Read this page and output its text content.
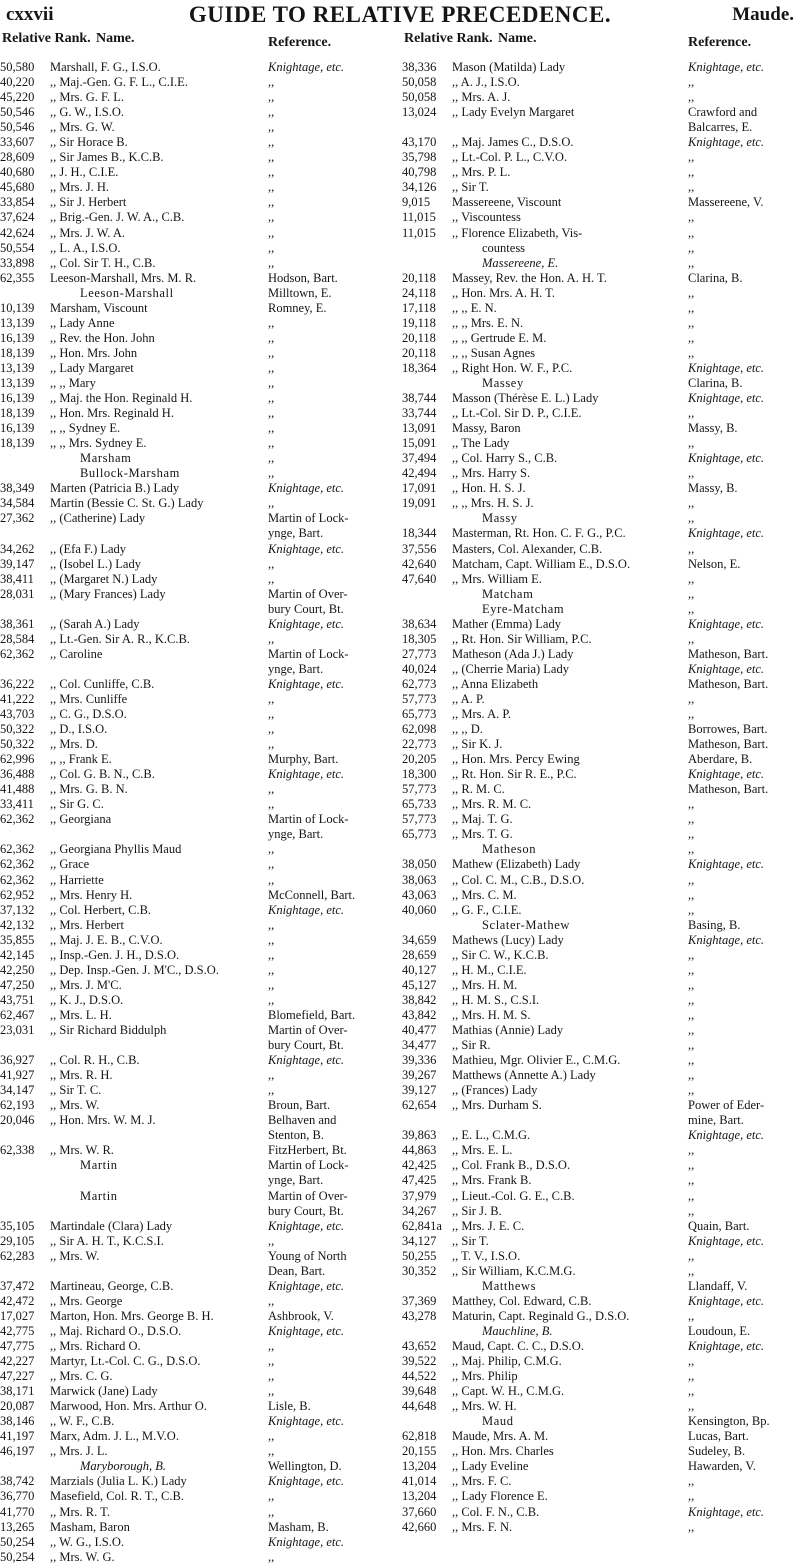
cxxvii	GUIDE TO RELATIVE PRECEDENCE.	Maude.
Relative Rank. Name.	Reference.
50,580	Marshall, F. G., I.S.O.	Knightage, etc.
40,220	,, Maj.-Gen. G. F. L., C.I.E.	,,
45,220	,, Mrs. G. F. L.	,,
50,546	,, G. W., I.S.O.	,,
50,546	,, Mrs. G. W.	,,
33,607	,, Sir Horace B.	,,
28,609	,, Sir James B., K.C.B.	,,
40,680	,, J. H., C.I.E.	,,
45,680	,, Mrs. J. H.	,,
33,854	,, Sir J. Herbert	,,
37,624	,, Brig.-Gen. J. W. A., C.B.	,,
42,624	,, Mrs. J. W. A.	,,
50,554	,, L. A., I.S.O.	,,
33,898	,, Col. Sir T. H., C.B.	,,
62,355	Leeson-Marshall, Mrs. M. R.	Hodson, Bart.
Leeson-Marshall	Milltown, E.
10,139	Marsham, Viscount	Romney, E.
13,139	,, Lady Anne	,,
16,139	,, Rev. the Hon. John	,,
18,139	,, Hon. Mrs. John	,,
13,139	,, Lady Margaret	,,
13,139	,, ,, Mary	,,
16,139	,, Maj. the Hon. Reginald H.	,,
18,139	,, Hon. Mrs. Reginald H.	,,
16,139	,, ,, Sydney E.	,,
18,139	,, ,, Mrs. Sydney E.	,,
Marsham	,,
Bullock-Marsham	,,
38,349	Marten (Patricia B.) Lady	Knightage, etc.
34,584	Martin (Bessie C. St. G.) Lady	,,
27,362	,, (Catherine) Lady	Martin of Lock-
ynge, Bart.
34,262	,, (Efa F.) Lady	Knightage, etc.
39,147	,, (Isobel L.) Lady	,,
38,411	,, (Margaret N.) Lady	,,
28,031	,, (Mary Frances) Lady	Martin of Over-
bury Court, Bt.
38,361	,, (Sarah A.) Lady	Knightage, etc.
28,584	,, Lt.-Gen. Sir A. R., K.C.B.	,,
62,362	,, Caroline	Martin of Lock-
ynge, Bart.
36,222	,, Col. Cunliffe, C.B.	Knightage, etc.
41,222	,, Mrs. Cunliffe	,,
43,703	,, C. G., D.S.O.	,,
50,322	,, D., I.S.O.	,,
50,322	,, Mrs. D.	,,
62,996	,, ,, Frank E.	Murphy, Bart.
36,488	,, Col. G. B. N., C.B.	Knightage, etc.
41,488	,, Mrs. G. B. N.	,,
33,411	,, Sir G. C.	,,
62,362	,, Georgiana	Martin of Lock-
ynge, Bart.
62,362	,, Georgiana Phyllis Maud	,,
62,362	,, Grace	,,
62,362	,, Harriette	,,
62,952	,, Mrs. Henry H.	McConnell, Bart.
37,132	,, Col. Herbert, C.B.	Knightage, etc.
42,132	,, Mrs. Herbert	,,
35,855	,, Maj. J. E. B., C.V.O.	,,
42,145	,, Insp.-Gen. J. H., D.S.O.	,,
42,250	,, Dep. Insp.-Gen. J. M'C., D.S.O.	,,
47,250	,, Mrs. J. M'C.	,,
43,751	,, K. J., D.S.O.	,,
62,467	,, Mrs. L. H.	Blomefield, Bart.
23,031	,, Sir Richard Biddulph	Martin of Over-
bury Court, Bt.
36,927	,, Col. R. H., C.B.	Knightage, etc.
41,927	,, Mrs. R. H.	,,
34,147	,, Sir T. C.	,,
62,193	,, Mrs. W.	Broun, Bart.
20,046	,, Hon. Mrs. W. M. J.	Belhaven and
Stenton, B.
62,338	,, Mrs. W. R.	FitzHerbert, Bt.
Martin	Martin of Lock-
ynge, Bart.
Martin	Martin of Over-
bury Court, Bt.
35,105	Martindale (Clara) Lady	Knightage, etc.
29,105	,, Sir A. H. T., K.C.S.I.	,,
62,283	,, Mrs. W.	Young of North
Dean, Bart.
37,472	Martineau, George, C.B.	Knightage, etc.
42,472	,, Mrs. George	,,
17,027	Marton, Hon. Mrs. George B. H.	Ashbrook, V.
42,775	,, Maj. Richard O., D.S.O.	Knightage, etc.
47,775	,, Mrs. Richard O.	,,
42,227	Martyr, Lt.-Col. C. G., D.S.O.	,,
47,227	,, Mrs. C. G.	,,
38,171	Marwick (Jane) Lady	,,
20,087	Marwood, Hon. Mrs. Arthur O.	Lisle, B.
38,146	,, W. F., C.B.	Knightage, etc.
41,197	Marx, Adm. J. L., M.V.O.	,,
46,197	,, Mrs. J. L.	,,
Maryborough, B.	Wellington, D.
38,742	Marzials (Julia L. K.) Lady	Knightage, etc.
36,770	Masefield, Col. R. T., C.B.	,,
41,770	,, Mrs. R. T.	,,
13,265	Masham, Baron	Masham, B.
50,254	,, W. G., I.S.O.	Knightage, etc.
50,254	,, Mrs. W. G.	,,
Relative Rank. Name.	Reference.
38,336	Mason (Matilda) Lady	Knightage, etc.
50,058	,, A. J., I.S.O.	,,
50,058	,, Mrs. A. J.	,,
13,024	,, Lady Evelyn Margaret	Crawford and
Balcarres, E.
43,170	,, Maj. James C., D.S.O.	Knightage, etc.
35,798	,, Lt.-Col. P. L., C.V.O.	,,
40,798	,, Mrs. P. L.	,,
34,126	,, Sir T.	,,
9,015	Massereene, Viscount	Massereene, V.
11,015	,, Viscountess	,,
11,015	,, Florence Elizabeth, Vis-	,,
countess	,,
Massereene, E.	,,
20,118	Massey, Rev. the Hon. A. H. T.	Clarina, B.
24,118	,, Hon. Mrs. A. H. T.	,,
17,118	,, ,, E. N.	,,
19,118	,, ,, Mrs. E. N.	,,
20,118	,, ,, Gertrude E. M.	,,
20,118	,, ,, Susan Agnes	,,
18,364	,, Right Hon. W. F., P.C.	Knightage, etc.
Massey	Clarina, B.
38,744	Masson (Thérèse E. L.) Lady	Knightage, etc.
33,744	,, Lt.-Col. Sir D. P., C.I.E.	,,
13,091	Massy, Baron	Massy, B.
15,091	,, The Lady	,,
37,494	,, Col. Harry S., C.B.	Knightage, etc.
42,494	,, Mrs. Harry S.	,,
17,091	,, Hon. H. S. J.	Massy, B.
19,091	,, ,, Mrs. H. S. J.	,,
Massy	,,
18,344	Masterman, Rt. Hon. C. F. G., P.C.	Knightage, etc.
37,556	Masters, Col. Alexander, C.B.	,,
42,640	Matcham, Capt. William E., D.S.O.	Nelson, E.
47,640	,, Mrs. William E.	,,
Matcham	,,
Eyre-Matcham	,,
38,634	Mather (Emma) Lady	Knightage, etc.
18,305	,, Rt. Hon. Sir William, P.C.	,,
27,773	Matheson (Ada J.) Lady	Matheson, Bart.
40,024	,, (Cherrie Maria) Lady	Knightage, etc.
62,773	,, Anna Elizabeth	Matheson, Bart.
57,773	,, A. P.	,,
65,773	,, Mrs. A. P.	,,
62,098	,, ,, D.	Borrowes, Bart.
22,773	,, Sir K. J.	Matheson, Bart.
20,205	,, Hon. Mrs. Percy Ewing	Aberdare, B.
18,300	,, Rt. Hon. Sir R. E., P.C.	Knightage, etc.
57,773	,, R. M. C.	Matheson, Bart.
65,733	,, Mrs. R. M. C.	,,
57,773	,, Maj. T. G.	,,
65,773	,, Mrs. T. G.	,,
Matheson	,,
38,050	Mathew (Elizabeth) Lady	Knightage, etc.
38,063	,, Col. C. M., C.B., D.S.O.	,,
43,063	,, Mrs. C. M.	,,
40,060	,, G. F., C.I.E.	,,
Sclater-Mathew	Basing, B.
34,659	Mathews (Lucy) Lady	Knightage, etc.
28,659	,, Sir C. W., K.C.B.	,,
40,127	,, H. M., C.I.E.	,,
45,127	,, Mrs. H. M.	,,
38,842	,, H. M. S., C.S.I.	,,
43,842	,, Mrs. H. M. S.	,,
40,477	Mathias (Annie) Lady	,,
34,477	,, Sir R.	,,
39,336	Mathieu, Mgr. Olivier E., C.M.G.	,,
39,267	Matthews (Annette A.) Lady	,,
39,127	,, (Frances) Lady	,,
62,654	,, Mrs. Durham S.	Power of Eder-
mine, Bart.
39,863	,, E. L., C.M.G.	Knightage, etc.
44,863	,, Mrs. E. L.	,,
42,425	,, Col. Frank B., D.S.O.	,,
47,425	,, Mrs. Frank B.	,,
37,979	,, Lieut.-Col. G. E., C.B.	,,
34,267	,, Sir J. B.	,,
62,841a ,, Mrs. J. E. C.	Quain, Bart.
34,127	,, Sir T.	Knightage, etc.
50,255	,, T. V., I.S.O.	,,
30,352	,, Sir William, K.C.M.G.	,,
Matthews	Llandaff, V.
37,369	Matthey, Col. Edward, C.B.	Knightage, etc.
43,278	Maturin, Capt. Reginald G., D.S.O.	,,
Mauchline, B.	Loudoun, E.
43,652	Maud, Capt. C. C., D.S.O.	Knightage, etc.
39,522	,, Maj. Philip, C.M.G.	,,
44,522	,, Mrs. Philip	,,
39,648	,, Capt. W. H., C.M.G.	,,
44,648	,, Mrs. W. H.	,,
Maud	Kensington, Bp.
62,818	Maude, Mrs. A. M.	Lucas, Bart.
20,155	,, Hon. Mrs. Charles	Sudeley, B.
13,204	,, Lady Eveline	Hawarden, V.
41,014	,, Mrs. F. C.	,,
13,204	,, Lady Florence E.	,,
37,660	,, Col. F. N., C.B.	Knightage, etc.
42,660	,, Mrs. F. N.	,,
